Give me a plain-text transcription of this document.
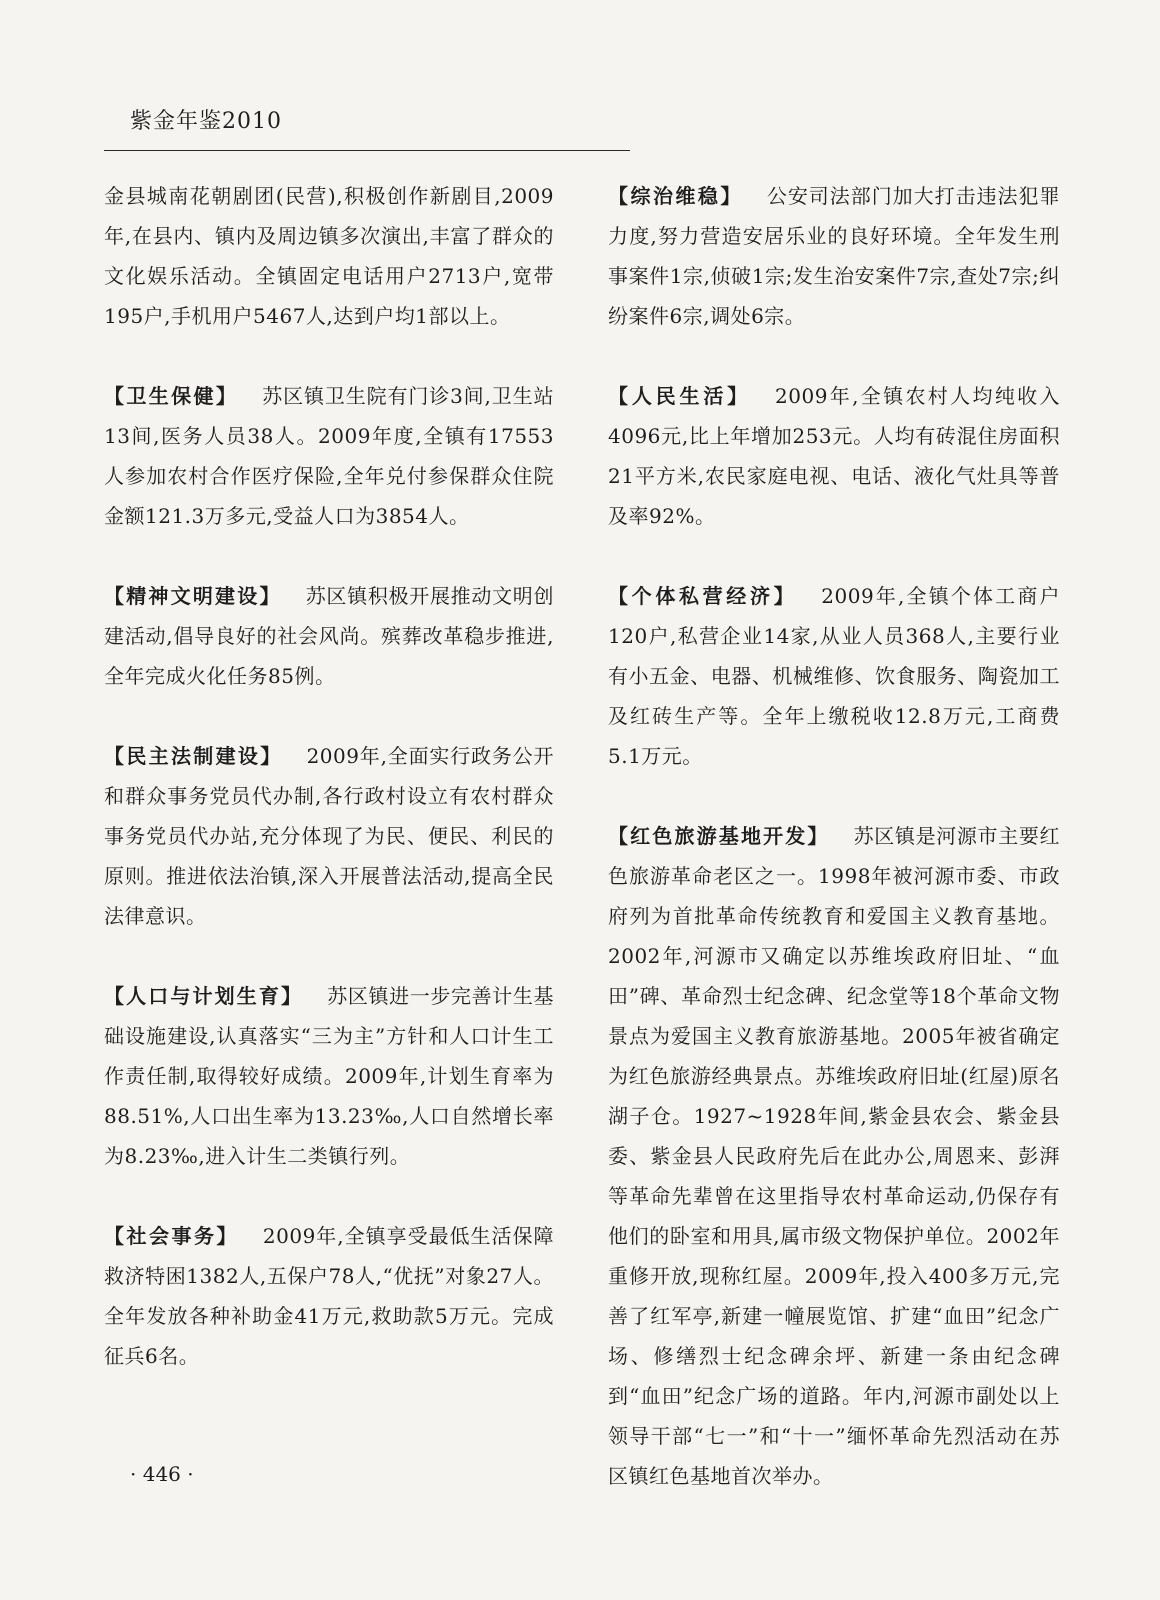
紫金年鉴2010

金县城南花朝剧团(民营),积极创作新剧目,2009年,在县内、镇内及周边镇多次演出,丰富了群众的文化娱乐活动。全镇固定电话用户2713户,宽带195户,手机用户5467人,达到户均1部以上。

【卫生保健】 苏区镇卫生院有门诊3间,卫生站13间,医务人员38人。2009年度,全镇有17553人参加农村合作医疗保险,全年兑付参保群众住院金额121.3万多元,受益人口为3854人。

【精神文明建设】 苏区镇积极开展推动文明创建活动,倡导良好的社会风尚。殡葬改革稳步推进,全年完成火化任务85例。

【民主法制建设】 2009年,全面实行政务公开和群众事务党员代办制,各行政村设立有农村群众事务党员代办站,充分体现了为民、便民、利民的原则。推进依法治镇,深入开展普法活动,提高全民法律意识。

【人口与计划生育】 苏区镇进一步完善计生基础设施建设,认真落实“三为主”方针和人口计生工作责任制,取得较好成绩。2009年,计划生育率为88.51%,人口出生率为13.23‰,人口自然增长率为8.23‰,进入计生二类镇行列。

【社会事务】 2009年,全镇享受最低生活保障救济特困1382人,五保户78人,“优抚”对象27人。全年发放各种补助金41万元,救助款5万元。完成征兵6名。

【综治维稳】 公安司法部门加大打击违法犯罪力度,努力营造安居乐业的良好环境。全年发生刑事案件1宗,侦破1宗;发生治安案件7宗,查处7宗;纠纷案件6宗,调处6宗。

【人民生活】 2009年,全镇农村人均纯收入4096元,比上年增加253元。人均有砖混住房面积21平方米,农民家庭电视、电话、液化气灶具等普及率92%。

【个体私营经济】 2009年,全镇个体工商户120户,私营企业14家,从业人员368人,主要行业有小五金、电器、机械维修、饮食服务、陶瓷加工及红砖生产等。全年上缴税收12.8万元,工商费5.1万元。

【红色旅游基地开发】 苏区镇是河源市主要红色旅游革命老区之一。1998年被河源市委、市政府列为首批革命传统教育和爱国主义教育基地。2002年,河源市又确定以苏维埃政府旧址、“血田”碑、革命烈士纪念碑、纪念堂等18个革命文物景点为爱国主义教育旅游基地。2005年被省确定为红色旅游经典景点。苏维埃政府旧址(红屋)原名湖子仓。1927~1928年间,紫金县农会、紫金县委、紫金县人民政府先后在此办公,周恩来、彭湃等革命先辈曾在这里指导农村革命运动,仍保存有他们的卧室和用具,属市级文物保护单位。2002年重修开放,现称红屋。2009年,投入400多万元,完善了红军亭,新建一幢展览馆、扩建“血田”纪念广场、修缮烈士纪念碑余坪、新建一条由纪念碑到“血田”纪念广场的道路。年内,河源市副处以上领导干部“七一”和“十一”缅怀革命先烈活动在苏区镇红色基地首次举办。

· 446 ·
